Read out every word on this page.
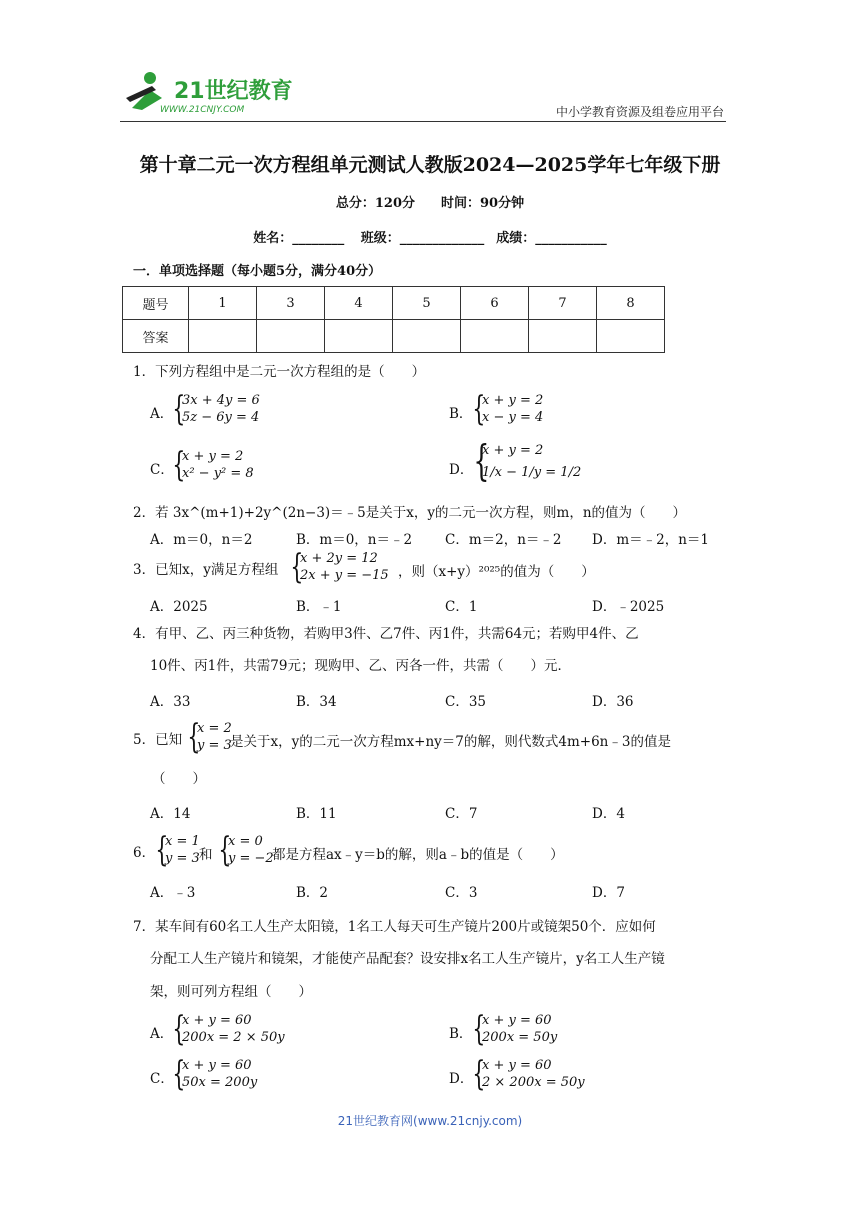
21世纪教育
WWW.21CNJY.COM	中小学教育资源及组卷应用平台
第十章二元一次方程组单元测试人教版2024—2025学年七年级下册
总分：120分　　时间：90分钟
姓名：________ 班级：_____________ 成绩：___________
一．单项选择题（每小题5分，满分40分）
题号	1	3	4	5	6	7	8
答案							
1．下列方程组中是二元一次方程组的是（　　）
A． {
3x + 4y = 6
5z − 6y = 4	B． {
x + y = 2
x − y = 4
C．
{
x + y = 2
x² − y² = 8	D． {
x + y = 2
1/x − 1/y = 1/2
2．若 3x^(m+1)+2y^(2n−3)＝﹣5是关于x，y的二元一次方程，则m，n的值为（　　）
A．m＝0，n＝2	B．m＝0，n＝﹣2 C．m＝2，n＝﹣2 D．m＝﹣2，n＝1
3．已知x，y满足方程组 {
x + 2y = 12
2x + y = −15 ，则（x+y）²⁰²⁵的值为（　　）
A．2025	B．﹣1	C．1	D．﹣2025
4．有甲、乙、丙三种货物，若购甲3件、乙7件、丙1件，共需64元；若购甲4件、乙
10件、丙1件，共需79元；现购甲、乙、丙各一件，共需（　　）元．
A．33	B．34	C．35	D．36
5．已知 {
x = 2
y = 3
是关于x，y的二元一次方程mx+ny＝7的解，则代数式4m+6n﹣3的值是
（　　）
A．14	B．11	C．7	D．4
6． {
x = 1
y = 3 和 {
x = 0
y = −2
都是方程ax﹣y＝b的解，则a﹣b的值是（　　）
A．﹣3	B．2	C．3	D．7
7．某车间有60名工人生产太阳镜，1名工人每天可生产镜片200片或镜架50个．应如何
分配工人生产镜片和镜架，才能使产品配套？设安排x名工人生产镜片，y名工人生产镜
架，则可列方程组（　　）
A． {
x + y = 60
200x = 2 × 50y	B． {
x + y = 60
200x = 50y
C．
{
x + y = 60
50x = 200y	D． {
x + y = 60
2 × 200x = 50y
21世纪教育网(www.21cnjy.com)
